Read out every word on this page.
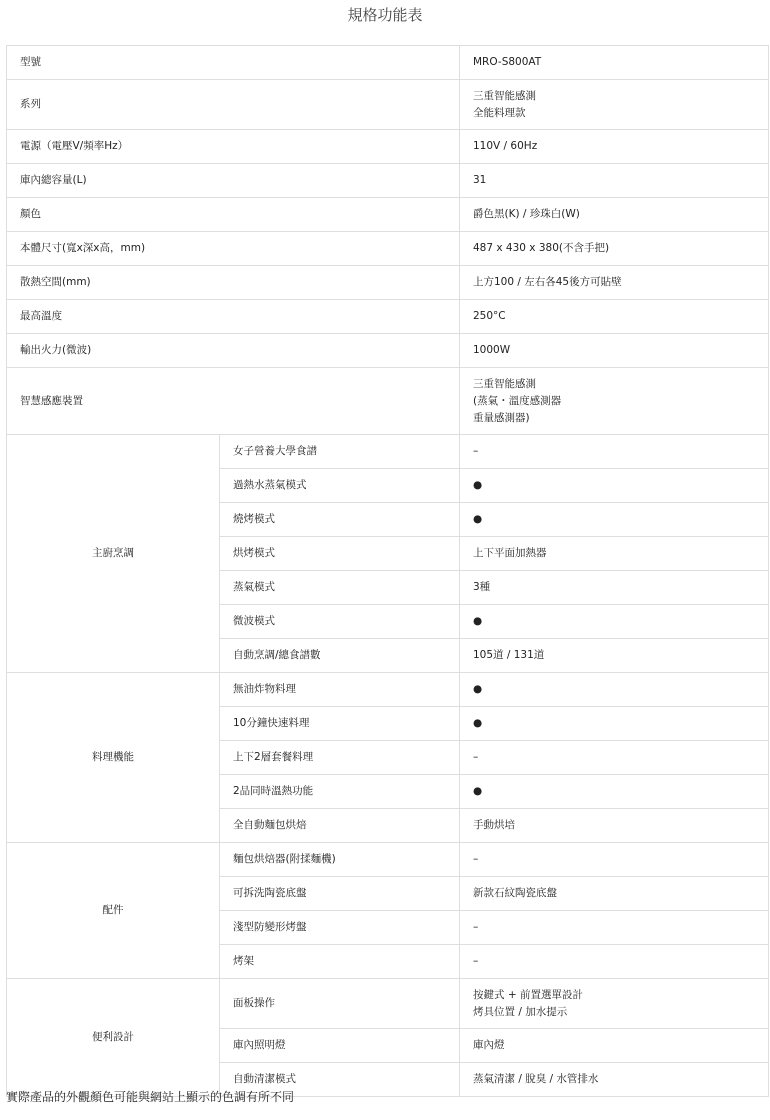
規格功能表
型號		MRO-S800AT

系列		三重智能感測
全能料理款

電源（電壓V/頻率Hz）		110V / 60Hz

庫內總容量(L)		31

顏色		爵色黑(K) / 珍珠白(W)

本體尺寸(寬x深x高，mm)		487 x 430 x 380(不含手把)

散熱空間(mm)		上方100 / 左右各45後方可貼壁

最高溫度		250°C

輸出火力(微波)		1000W

智慧感應裝置		三重智能感測
(蒸氣・溫度感測器
重量感測器)

主廚烹調	女子營養大學食譜	–

	過熱水蒸氣模式	●

	燒烤模式	●

	烘烤模式	上下平面加熱器

	蒸氣模式	3種

	微波模式	●

	自動烹調/總食譜數	105道 / 131道

料理機能	無油炸物料理	●

	10分鐘快速料理	●

	上下2層套餐料理	–

	2品同時溫熱功能	●

	全自動麵包烘焙	手動烘培

配件	麵包烘焙器(附揉麵機)	–

	可拆洗陶瓷底盤	新款石紋陶瓷底盤

	淺型防變形烤盤	–

	烤架	–

便利設計	面板操作	按鍵式 + 前置選單設計
烤具位置 / 加水提示

	庫內照明燈	庫內燈

	自動清潔模式	蒸氣清潔 / 脫臭 / 水管排水
實際產品的外觀顏色可能與網站上顯示的色調有所不同
